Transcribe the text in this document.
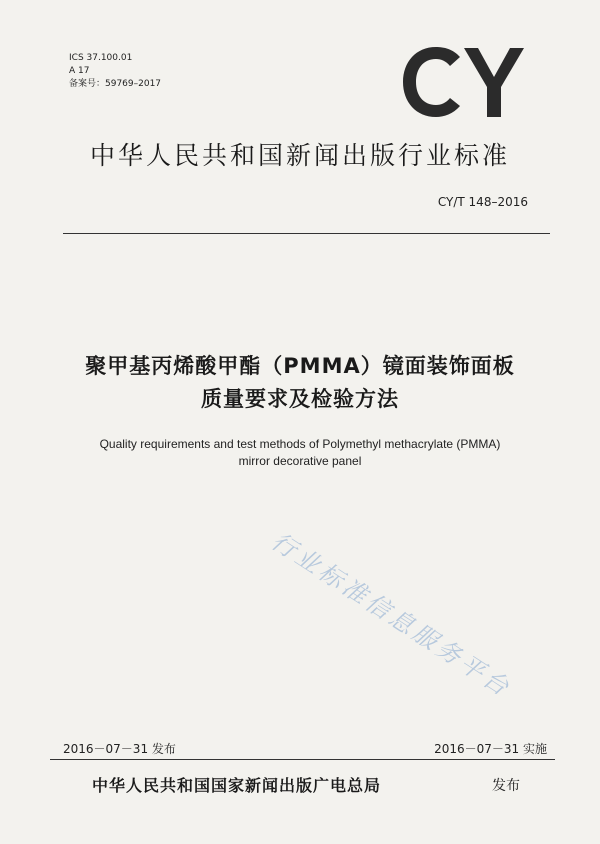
ICS 37.100.01
A 17
备案号：59769–2017
中华人民共和国新闻出版行业标准
CY/T 148–2016
聚甲基丙烯酸甲酯（PMMA）镜面装饰面板
质量要求及检验方法
Quality requirements and test methods of Polymethyl methacrylate (PMMA)
mirror decorative panel
行业标准信息服务平台
2016－07－31 发布	2016－07－31 实施
中华人民共和国国家新闻出版广电总局	发布
